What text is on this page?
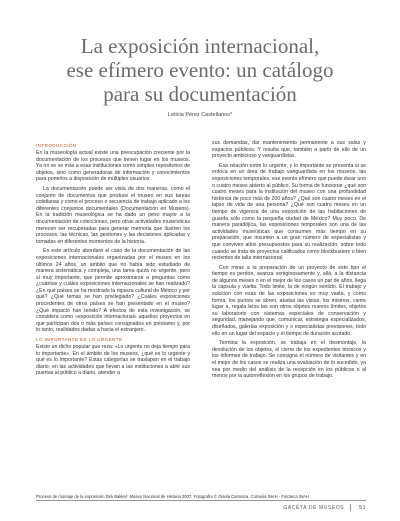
La exposición internacional,
ese efímero evento: un catálogo
para su documentación
Leticia Pérez Castellanos*
INTRODUCCIÓN

En la museología actual existe una preocupación creciente por la documentación de los procesos que tienen lugar en los museos. Ya no se ve más a esas instituciones como simples repositorios de objetos, sino como generadoras de información y conocimientos para ponerlos a disposición de múltiples usuarios.

La documentación puede ser vista de dos maneras, como el conjunto de documentos que produce el museo en sus tareas cotidianas y como el proceso o secuencia de trabajo aplicado a los diferentes conjuntos documentales (Documentación en Museos). En la tradición museológica se ha dado un peso mayor a la documentación de colecciones, pero otras actividades museísticas merecen ser recuperadas para generar memoria que ilustren los procesos, las técnicas, las gestiones y las decisiones aplicadas y tomadas en diferentes momentos de la historia.

En este artículo abordaré el caso de la documentación de las exposiciones internacionales organizadas por el museo en los últimos 24 años, un ámbito que no había sido estudiado de manera sistemática y compleja, una tarea quizá no urgente, pero sí muy importante, que permite aproximarse a preguntas como ¿cuántas y cuáles exposiciones internacionales se han realizado? ¿En qué países se ha mostrado la riqueza cultural de México y por qué? ¿Qué temas se han privilegiado? ¿Cuáles exposiciones procedentes de otros países se han presentado en el museo? ¿Qué impacto han tenido? A efectos de esta investigación, se considera como «exposición internacional» aquellos proyectos en que participan dos o más países consignados en préstamo y, por lo tanto, realidades dadas a hacia el extranjero.

LO IMPORTANTE ES LO URGENTE

Existe un dicho popular que reza: «Lo urgente no deja tiempo para lo importante». En el ámbito de los museos, ¿qué es lo urgente y qué es lo importante? Estas categorías se traslapan en el trabajo diario, en las actividades que llevan a las instituciones a abrir sus puertas al público a diario, atender a

sus demandas, dar mantenimiento permanente a sus salas y espacios públicos. Y resulta que, también a partir de ello de un proyecto ambicioso y vanguardistas.

Esa relación entre lo urgente, y lo importante se presenta si se enfoca en un área de trabajo vanguardista en los museos, las exposiciones temporales, ese evento efímero que puede durar uno o cuatro meses abierto al público. Su forma de funcionar ¿qué son cuatro meses para la institución del museo con una profundidad histórica de poco más de 200 años? ¿Qué son cuatro meses en el lapso de vida de una persona? ¿Qué son cuatro meses en un tiempo de vigencia de una exposición de las habitaciones de guarda sólo como la pequeña ciudad de México? Muy poco. De manera paradójica, las exposiciones temporales son una de las actividades museísticas que consumen más tiempo en su preparación, que insumen a un gran número de especialistas y que conviven altos presupuestos para su realización, sobre todo cuando se trata de proyectos calificados como blockbusters o bien recientes de talla internacional.

Con miras a la preparación de un proyecto de este tipo el tiempo es perdón, avanza vertiginosamente y, allá, a la distancia de algunos meses o en el mejor de los casos un par de años, llega la capsula y vuelta. Todo limite, la de ningún sentido. El trabajo y solución con esas de las exposiciones es muy vasta, y como forma, los puntos se abren, atadas las vistas, los mismos, cierre lugar a, regala lelos las son otros objetos nuevos límites, objetos su laboratorio con sistemas especiales de conservación y seguridad, manejando que, comunicar, estrategia especializados, diseñados, galerías exposición y o especialistas previsiones, todo ello en un lugar del espacio y el tiempo de duración acotado.

Termina la exposición, se trabaja en el desmontaje, la devolución de los objetos, el cierre de los expedientes técnicos y los informes de trabajo. Se consigna el número de visitantes y en el mejor de los casos se realiza una evaluación de lo sucedido, ya sea por medio del análisis de la recepción en los públicos o al menos por la autorreflexión en los grupos de trabajo.

Proceso de montaje de la exposición Dirk Bakker: Museo Nacional de Historia 2007. Fotografía © Gisela Carranza. Cortesía INAH - Fototeca INAH
GACETA DE MUSEOS	51
